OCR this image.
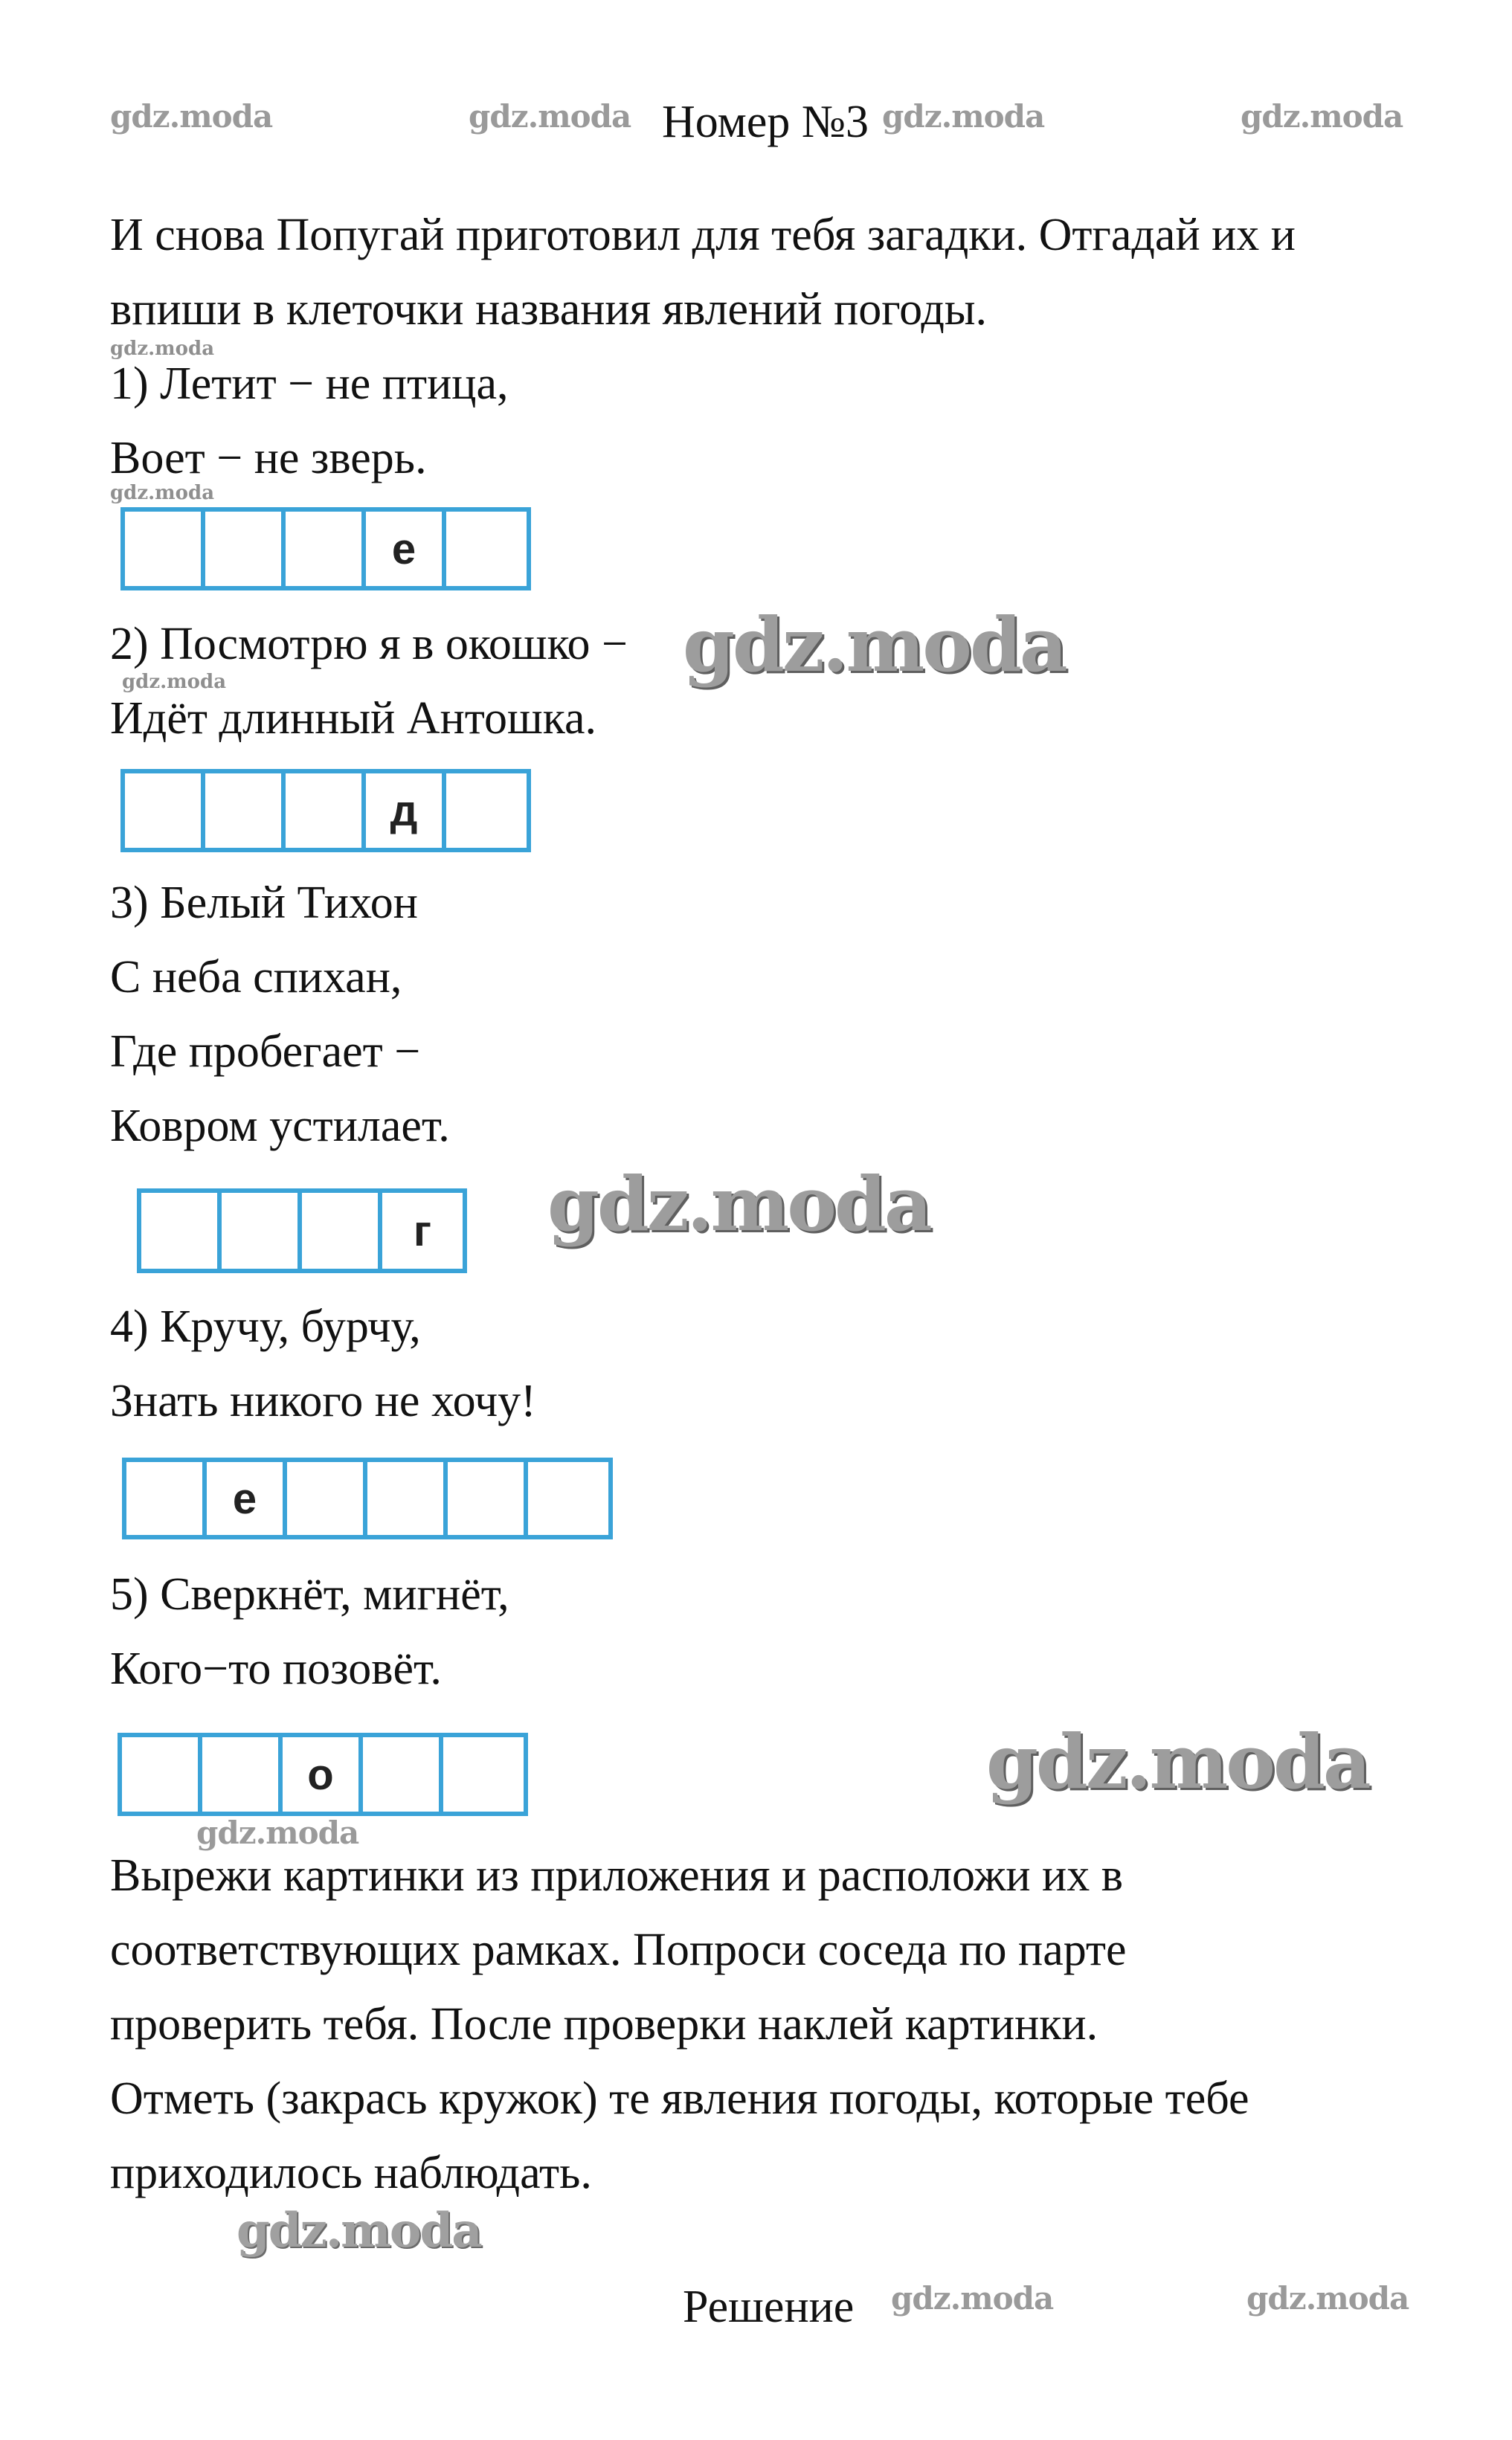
Номер №3
И снова Попугай приготовил для тебя загадки. Отгадай их и
впиши в клеточки названия явлений погоды.
1) Летит − не птица,
Воет − не зверь.
е
2) Посмотрю я в окошко −
Идёт длинный Антошка.
д
3) Белый Тихон
С неба спихан,
Где пробегает −
Ковром устилает.
г
4) Кручу, бурчу,
Знать никого не хочу!
е
5) Сверкнёт, мигнёт,
Кого−то позовёт.
о
Вырежи картинки из приложения и расположи их в
соответствующих рамках. Попроси соседа по парте
проверить тебя. После проверки наклей картинки.
Отметь (закрась кружок) те явления погоды, которые тебе
приходилось наблюдать.
Решение
gdz.moda	gdz.moda	gdz.moda	gdz.moda
gdz.moda
gdz.moda
gdz.moda	gdz.moda
gdz.moda
gdz.moda
gdz.moda
gdz.moda
gdz.moda	gdz.moda
